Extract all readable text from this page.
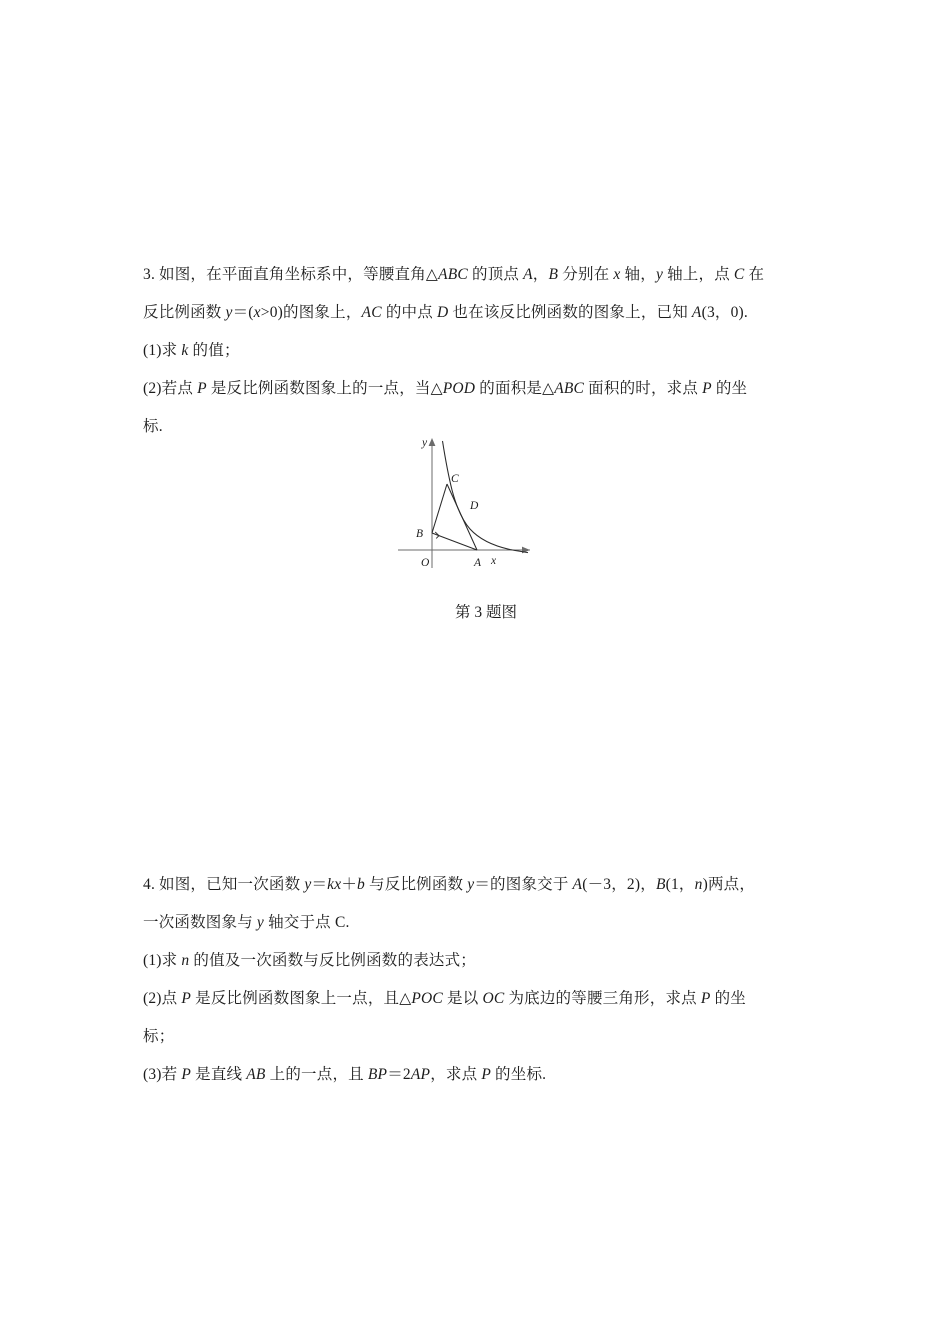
3. 如图，在平面直角坐标系中，等腰直角△ABC 的顶点 A，B 分别在 x 轴，y 轴上，点 C 在
反比例函数 y＝(x>0)的图象上，AC 的中点 D 也在该反比例函数的图象上，已知 A(3，0).
(1)求 k 的值；
(2)若点 P 是反比例函数图象上的一点，当△POD 的面积是△ABC 面积的时，求点 P 的坐
标.
x
y
O	A
B
C
D
第 3 题图
4. 如图，已知一次函数 y＝kx＋b 与反比例函数 y＝的图象交于 A(－3，2)，B(1，n)两点，
一次函数图象与 y 轴交于点 C.
(1)求 n 的值及一次函数与反比例函数的表达式；
(2)点 P 是反比例函数图象上一点，且△POC 是以 OC 为底边的等腰三角形，求点 P 的坐
标；
(3)若 P 是直线 AB 上的一点，且 BP＝2AP，求点 P 的坐标.
